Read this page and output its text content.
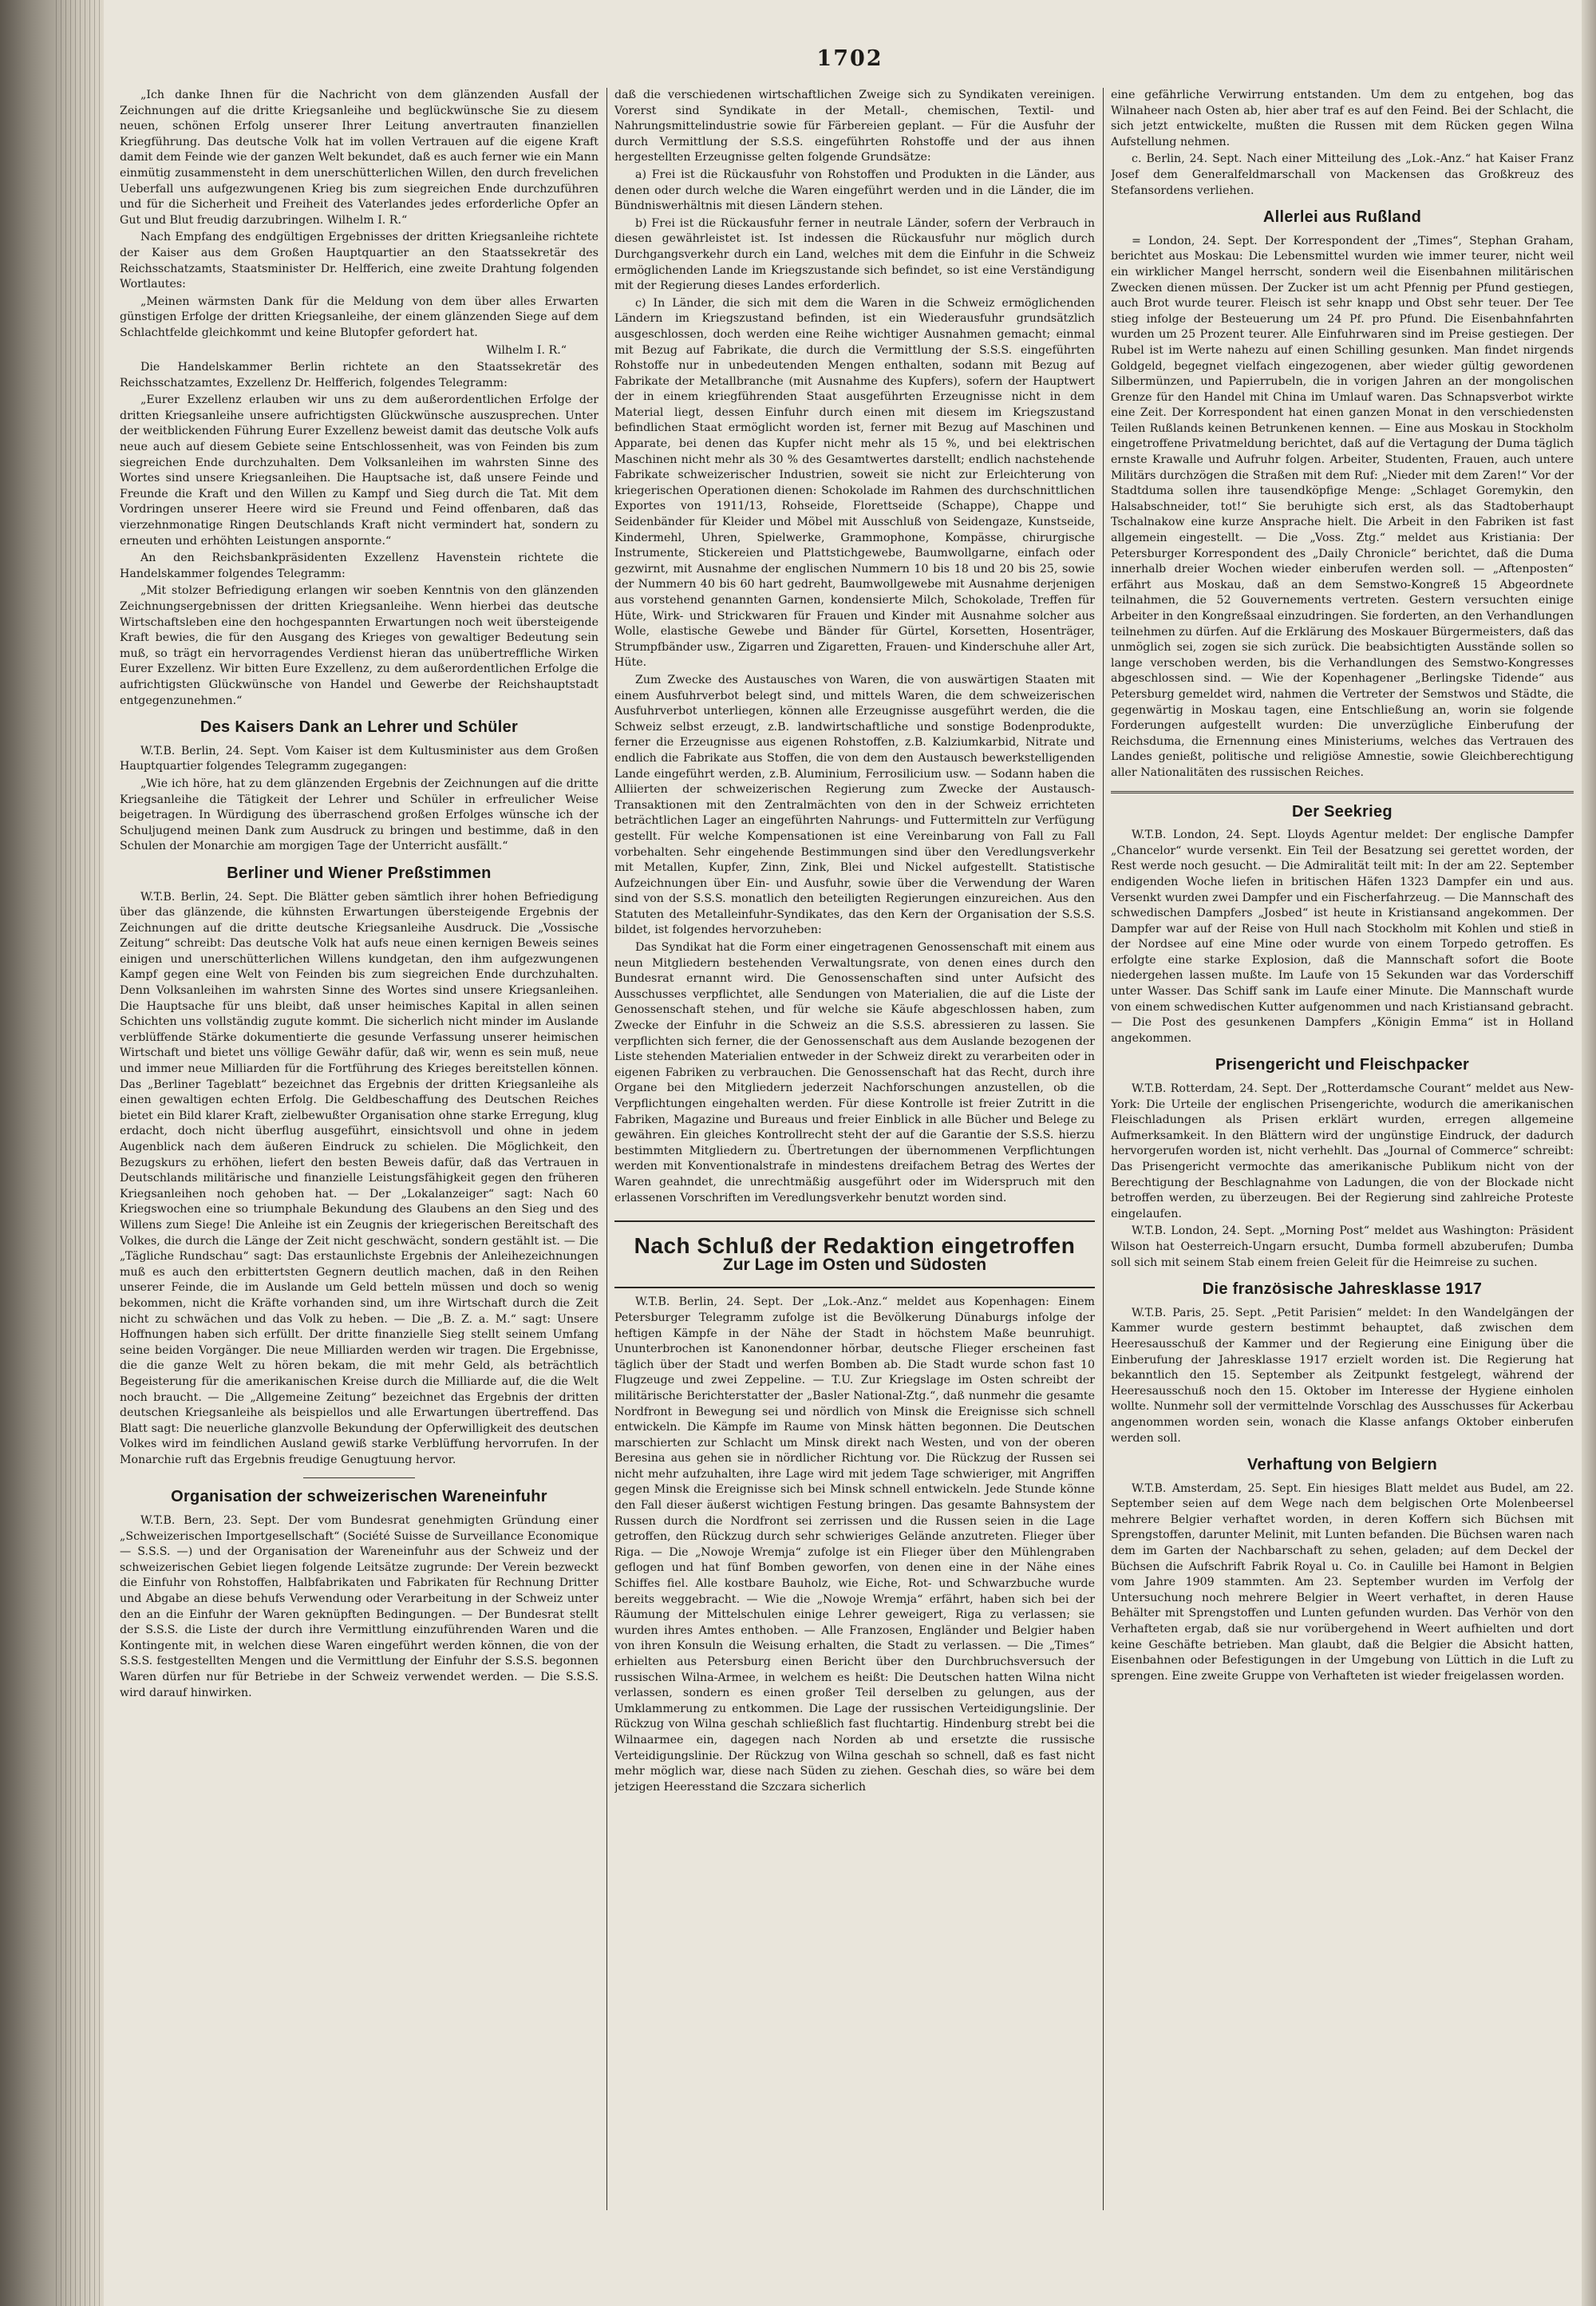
1702

„Ich danke Ihnen für die Nachricht von dem glänzenden Ausfall der Zeichnungen auf die dritte Kriegsanleihe und beglückwünsche Sie zu diesem neuen, schönen Erfolg unserer Ihrer Leitung anvertrauten finanziellen Kriegführung. Das deutsche Volk hat im vollen Vertrauen auf die eigene Kraft damit dem Feinde wie der ganzen Welt bekundet, daß es auch ferner wie ein Mann einmütig zusammensteht in dem unerschütterlichen Willen, den durch frevelichen Ueberfall uns aufgezwungenen Krieg bis zum siegreichen Ende durchzuführen und für die Sicherheit und Freiheit des Vaterlandes jedes erforderliche Opfer an Gut und Blut freudig darzubringen. Wilhelm I. R.“

Nach Empfang des endgültigen Ergebnisses der dritten Kriegsanleihe richtete der Kaiser aus dem Großen Hauptquartier an den Staatssekretär des Reichsschatzamts, Staatsminister Dr. Helfferich, eine zweite Drahtung folgenden Wortlautes:

„Meinen wärmsten Dank für die Meldung von dem über alles Erwarten günstigen Erfolge der dritten Kriegsanleihe, der einem glänzenden Siege auf dem Schlachtfelde gleichkommt und keine Blutopfer gefordert hat.

Wilhelm I. R.“

Die Handelskammer Berlin richtete an den Staatssekretär des Reichsschatzamtes, Exzellenz Dr. Helfferich, folgendes Telegramm:

„Eurer Exzellenz erlauben wir uns zu dem außerordentlichen Erfolge der dritten Kriegsanleihe unsere aufrichtigsten Glückwünsche auszusprechen. Unter der weitblickenden Führung Eurer Exzellenz beweist damit das deutsche Volk aufs neue auch auf diesem Gebiete seine Entschlossenheit, was von Feinden bis zum siegreichen Ende durchzuhalten. Dem Volksanleihen im wahrsten Sinne des Wortes sind unsere Kriegsanleihen. Die Hauptsache ist, daß unsere Feinde und Freunde die Kraft und den Willen zu Kampf und Sieg durch die Tat. Mit dem Vordringen unserer Heere wird sie Freund und Feind offenbaren, daß das vierzehnmonatige Ringen Deutschlands Kraft nicht vermindert hat, sondern zu erneuten und erhöhten Leistungen anspornte.“

An den Reichsbankpräsidenten Exzellenz Havenstein richtete die Handelskammer folgendes Telegramm:

„Mit stolzer Befriedigung erlangen wir soeben Kenntnis von den glänzenden Zeichnungsergebnissen der dritten Kriegsanleihe. Wenn hierbei das deutsche Wirtschaftsleben eine den hochgespannten Erwartungen noch weit übersteigende Kraft bewies, die für den Ausgang des Krieges von gewaltiger Bedeutung sein muß, so trägt ein hervorragendes Verdienst hieran das unübertreffliche Wirken Eurer Exzellenz. Wir bitten Eure Exzellenz, zu dem außerordentlichen Erfolge die aufrichtigsten Glückwünsche von Handel und Gewerbe der Reichshauptstadt entgegenzunehmen.“

Des Kaisers Dank an Lehrer und Schüler

W.T.B. Berlin, 24. Sept. Vom Kaiser ist dem Kultusminister aus dem Großen Hauptquartier folgendes Telegramm zugegangen:

„Wie ich höre, hat zu dem glänzenden Ergebnis der Zeichnungen auf die dritte Kriegsanleihe die Tätigkeit der Lehrer und Schüler in erfreulicher Weise beigetragen. In Würdigung des überraschend großen Erfolges wünsche ich der Schuljugend meinen Dank zum Ausdruck zu bringen und bestimme, daß in den Schulen der Monarchie am morgigen Tage der Unterricht ausfällt.“

Berliner und Wiener Preßstimmen

W.T.B. Berlin, 24. Sept. Die Blätter geben sämtlich ihrer hohen Befriedigung über das glänzende, die kühnsten Erwartungen übersteigende Ergebnis der Zeichnungen auf die dritte deutsche Kriegsanleihe Ausdruck. Die „Vossische Zeitung“ schreibt: Das deutsche Volk hat aufs neue einen kernigen Beweis seines einigen und unerschütterlichen Willens kundgetan, den ihm aufgezwungenen Kampf gegen eine Welt von Feinden bis zum siegreichen Ende durchzuhalten. Denn Volksanleihen im wahrsten Sinne des Wortes sind unsere Kriegsanleihen. Die Hauptsache für uns bleibt, daß unser heimisches Kapital in allen seinen Schichten uns vollständig zugute kommt. Die sicherlich nicht minder im Auslande verblüffende Stärke dokumentierte die gesunde Verfassung unserer heimischen Wirtschaft und bietet uns völlige Gewähr dafür, daß wir, wenn es sein muß, neue und immer neue Milliarden für die Fortführung des Krieges bereitstellen können. Das „Berliner Tageblatt“ bezeichnet das Ergebnis der dritten Kriegsanleihe als einen gewaltigen echten Erfolg. Die Geldbeschaffung des Deutschen Reiches bietet ein Bild klarer Kraft, zielbewußter Organisation ohne starke Erregung, klug erdacht, doch nicht überflug ausgeführt, einsichtsvoll und ohne in jedem Augenblick nach dem äußeren Eindruck zu schielen. Die Möglichkeit, den Bezugskurs zu erhöhen, liefert den besten Beweis dafür, daß das Vertrauen in Deutschlands militärische und finanzielle Leistungsfähigkeit gegen den früheren Kriegsanleihen noch gehoben hat. — Der „Lokalanzeiger“ sagt: Nach 60 Kriegswochen eine so triumphale Bekundung des Glaubens an den Sieg und des Willens zum Siege! Die Anleihe ist ein Zeugnis der kriegerischen Bereitschaft des Volkes, die durch die Länge der Zeit nicht geschwächt, sondern gestählt ist. — Die „Tägliche Rundschau“ sagt: Das erstaunlichste Ergebnis der Anleihezeichnungen muß es auch den erbittertsten Gegnern deutlich machen, daß in den Reihen unserer Feinde, die im Auslande um Geld betteln müssen und doch so wenig bekommen, nicht die Kräfte vorhanden sind, um ihre Wirtschaft durch die Zeit nicht zu schwächen und das Volk zu heben. — Die „B. Z. a. M.“ sagt: Unsere Hoffnungen haben sich erfüllt. Der dritte finanzielle Sieg stellt seinem Umfang seine beiden Vorgänger. Die neue Milliarden werden wir tragen. Die Ergebnisse, die die ganze Welt zu hören bekam, die mit mehr Geld, als beträchtlich Begeisterung für die amerikanischen Kreise durch die Milliarde auf, die die Welt noch braucht. — Die „Allgemeine Zeitung“ bezeichnet das Ergebnis der dritten deutschen Kriegsanleihe als beispiellos und alle Erwartungen übertreffend. Das Blatt sagt: Die neuerliche glanzvolle Bekundung der Opferwilligkeit des deutschen Volkes wird im feindlichen Ausland gewiß starke Verblüffung hervorrufen. In der Monarchie ruft das Ergebnis freudige Genugtuung hervor.

Organisation der schweizerischen Wareneinfuhr

W.T.B. Bern, 23. Sept. Der vom Bundesrat genehmigten Gründung einer „Schweizerischen Importgesellschaft“ (Société Suisse de Surveillance Economique — S.S.S. —) und der Organisation der Wareneinfuhr aus der Schweiz und der schweizerischen Gebiet liegen folgende Leitsätze zugrunde: Der Verein bezweckt die Einfuhr von Rohstoffen, Halbfabrikaten und Fabrikaten für Rechnung Dritter und Abgabe an diese behufs Verwendung oder Verarbeitung in der Schweiz unter den an die Einfuhr der Waren geknüpften Bedingungen. — Der Bundesrat stellt der S.S.S. die Liste der durch ihre Vermittlung einzuführenden Waren und die Kontingente mit, in welchen diese Waren eingeführt werden können, die von der S.S.S. festgestellten Mengen und die Vermittlung der Einfuhr der S.S.S. begonnen Waren dürfen nur für Betriebe in der Schweiz verwendet werden. — Die S.S.S. wird darauf hinwirken.

daß die verschiedenen wirtschaftlichen Zweige sich zu Syndikaten vereinigen. Vorerst sind Syndikate in der Metall-, chemischen, Textil- und Nahrungsmittelindustrie sowie für Färbereien geplant. — Für die Ausfuhr der durch Vermittlung der S.S.S. eingeführten Rohstoffe und der aus ihnen hergestellten Erzeugnisse gelten folgende Grundsätze:

a) Frei ist die Rückausfuhr von Rohstoffen und Produkten in die Länder, aus denen oder durch welche die Waren eingeführt werden und in die Länder, die im Bündniswerhältnis mit diesen Ländern stehen.

b) Frei ist die Rückausfuhr ferner in neutrale Länder, sofern der Verbrauch in diesen gewährleistet ist. Ist indessen die Rückausfuhr nur möglich durch Durchgangsverkehr durch ein Land, welches mit dem die Einfuhr in die Schweiz ermöglichenden Lande im Kriegszustande sich befindet, so ist eine Verständigung mit der Regierung dieses Landes erforderlich.

c) In Länder, die sich mit dem die Waren in die Schweiz ermöglichenden Ländern im Kriegszustand befinden, ist ein Wiederausfuhr grundsätzlich ausgeschlossen, doch werden eine Reihe wichtiger Ausnahmen gemacht; einmal mit Bezug auf Fabrikate, die durch die Vermittlung der S.S.S. eingeführten Rohstoffe nur in unbedeutenden Mengen enthalten, sodann mit Bezug auf Fabrikate der Metallbranche (mit Ausnahme des Kupfers), sofern der Hauptwert der in einem kriegführenden Staat ausgeführten Erzeugnisse nicht in dem Material liegt, dessen Einfuhr durch einen mit diesem im Kriegszustand befindlichen Staat ermöglicht worden ist, ferner mit Bezug auf Maschinen und Apparate, bei denen das Kupfer nicht mehr als 15 %, und bei elektrischen Maschinen nicht mehr als 30 % des Gesamtwertes darstellt; endlich nachstehende Fabrikate schweizerischer Industrien, soweit sie nicht zur Erleichterung von kriegerischen Operationen dienen: Schokolade im Rahmen des durchschnittlichen Exportes von 1911/13, Rohseide, Florettseide (Schappe), Chappe und Seidenbänder für Kleider und Möbel mit Ausschluß von Seidengaze, Kunstseide, Kindermehl, Uhren, Spielwerke, Grammophone, Kompässe, chirurgische Instrumente, Stickereien und Plattstichgewebe, Baumwollgarne, einfach oder gezwirnt, mit Ausnahme der englischen Nummern 10 bis 18 und 20 bis 25, sowie der Nummern 40 bis 60 hart gedreht, Baumwollgewebe mit Ausnahme derjenigen aus vorstehend genannten Garnen, kondensierte Milch, Schokolade, Treffen für Hüte, Wirk- und Strickwaren für Frauen und Kinder mit Ausnahme solcher aus Wolle, elastische Gewebe und Bänder für Gürtel, Korsetten, Hosenträger, Strumpfbänder usw., Zigarren und Zigaretten, Frauen- und Kinderschuhe aller Art, Hüte.

Zum Zwecke des Austausches von Waren, die von auswärtigen Staaten mit einem Ausfuhrverbot belegt sind, und mittels Waren, die dem schweizerischen Ausfuhrverbot unterliegen, können alle Erzeugnisse ausgeführt werden, die die Schweiz selbst erzeugt, z.B. landwirtschaftliche und sonstige Bodenprodukte, ferner die Erzeugnisse aus eigenen Rohstoffen, z.B. Kalziumkarbid, Nitrate und endlich die Fabrikate aus Stoffen, die von dem den Austausch bewerkstelligenden Lande eingeführt werden, z.B. Aluminium, Ferrosilicium usw. — Sodann haben die Alliierten der schweizerischen Regierung zum Zwecke der Austausch-Transaktionen mit den Zentralmächten von den in der Schweiz errichteten beträchtlichen Lager an eingeführten Nahrungs- und Futtermitteln zur Verfügung gestellt. Für welche Kompensationen ist eine Vereinbarung von Fall zu Fall vorbehalten. Sehr eingehende Bestimmungen sind über den Veredlungsverkehr mit Metallen, Kupfer, Zinn, Zink, Blei und Nickel aufgestellt. Statistische Aufzeichnungen über Ein- und Ausfuhr, sowie über die Verwendung der Waren sind von der S.S.S. monatlich den beteiligten Regierungen einzureichen. Aus den Statuten des Metalleinfuhr-Syndikates, das den Kern der Organisation der S.S.S. bildet, ist folgendes hervorzuheben:

Das Syndikat hat die Form einer eingetragenen Genossenschaft mit einem aus neun Mitgliedern bestehenden Verwaltungsrate, von denen eines durch den Bundesrat ernannt wird. Die Genossenschaften sind unter Aufsicht des Ausschusses verpflichtet, alle Sendungen von Materialien, die auf die Liste der Genossenschaft stehen, und für welche sie Käufe abgeschlossen haben, zum Zwecke der Einfuhr in die Schweiz an die S.S.S. abressieren zu lassen. Sie verpflichten sich ferner, die der Genossenschaft aus dem Auslande bezogenen der Liste stehenden Materialien entweder in der Schweiz direkt zu verarbeiten oder in eigenen Fabriken zu verbrauchen. Die Genossenschaft hat das Recht, durch ihre Organe bei den Mitgliedern jederzeit Nachforschungen anzustellen, ob die Verpflichtungen eingehalten werden. Für diese Kontrolle ist freier Zutritt in die Fabriken, Magazine und Bureaus und freier Einblick in alle Bücher und Belege zu gewähren. Ein gleiches Kontrollrecht steht der auf die Garantie der S.S.S. hierzu bestimmten Mitgliedern zu. Übertretungen der übernommenen Verpflichtungen werden mit Konventionalstrafe in mindestens dreifachem Betrag des Wertes der Waren geahndet, die unrechtmäßig ausgeführt oder im Widerspruch mit den erlassenen Vorschriften im Veredlungsverkehr benutzt worden sind.

Nach Schluß der Redaktion eingetroffen
Zur Lage im Osten und Südosten

W.T.B. Berlin, 24. Sept. Der „Lok.-Anz.“ meldet aus Kopenhagen: Einem Petersburger Telegramm zufolge ist die Bevölkerung Dünaburgs infolge der heftigen Kämpfe in der Nähe der Stadt in höchstem Maße beunruhigt. Ununterbrochen ist Kanonendonner hörbar, deutsche Flieger erscheinen fast täglich über der Stadt und werfen Bomben ab. Die Stadt wurde schon fast 10 Flugzeuge und zwei Zeppeline. — T.U. Zur Kriegslage im Osten schreibt der militärische Berichterstatter der „Basler National-Ztg.“, daß nunmehr die gesamte Nordfront in Bewegung sei und nördlich von Minsk die Ereignisse sich schnell entwickeln. Die Kämpfe im Raume von Minsk hätten begonnen. Die Deutschen marschierten zur Schlacht um Minsk direkt nach Westen, und von der oberen Beresina aus gehen sie in nördlicher Richtung vor. Die Rückzug der Russen sei nicht mehr aufzuhalten, ihre Lage wird mit jedem Tage schwieriger, mit Angriffen gegen Minsk die Ereignisse sich bei Minsk schnell entwickeln. Jede Stunde könne den Fall dieser äußerst wichtigen Festung bringen. Das gesamte Bahnsystem der Russen durch die Nordfront sei zerrissen und die Russen seien in die Lage getroffen, den Rückzug durch sehr schwieriges Gelände anzutreten. Flieger über Riga. — Die „Nowoje Wremja“ zufolge ist ein Flieger über den Mühlengraben geflogen und hat fünf Bomben geworfen, von denen eine in der Nähe eines Schiffes fiel. Alle kostbare Bauholz, wie Eiche, Rot- und Schwarzbuche wurde bereits weggebracht. — Wie die „Nowoje Wremja“ erfährt, haben sich bei der Räumung der Mittelschulen einige Lehrer geweigert, Riga zu verlassen; sie wurden ihres Amtes enthoben. — Alle Franzosen, Engländer und Belgier haben von ihren Konsuln die Weisung erhalten, die Stadt zu verlassen. — Die „Times“ erhielten aus Petersburg einen Bericht über den Durchbruchsversuch der russischen Wilna-Armee, in welchem es heißt: Die Deutschen hatten Wilna nicht verlassen, sondern es einen großer Teil derselben zu gelungen, aus der Umklammerung zu entkommen. Die Lage der russischen Verteidigungslinie. Der Rückzug von Wilna geschah schließlich fast fluchtartig. Hindenburg strebt bei die Wilnaarmee ein, dagegen nach Norden ab und ersetzte die russische Verteidigungslinie. Der Rückzug von Wilna geschah so schnell, daß es fast nicht mehr möglich war, diese nach Süden zu ziehen. Geschah dies, so wäre bei dem jetzigen Heeresstand die Szczara sicherlich

eine gefährliche Verwirrung entstanden. Um dem zu entgehen, bog das Wilnaheer nach Osten ab, hier aber traf es auf den Feind. Bei der Schlacht, die sich jetzt entwickelte, mußten die Russen mit dem Rücken gegen Wilna Aufstellung nehmen.

c. Berlin, 24. Sept. Nach einer Mitteilung des „Lok.-Anz.“ hat Kaiser Franz Josef dem Generalfeldmarschall von Mackensen das Großkreuz des Stefansordens verliehen.

Allerlei aus Rußland

= London, 24. Sept. Der Korrespondent der „Times“, Stephan Graham, berichtet aus Moskau: Die Lebensmittel wurden wie immer teurer, nicht weil ein wirklicher Mangel herrscht, sondern weil die Eisenbahnen militärischen Zwecken dienen müssen. Der Zucker ist um acht Pfennig per Pfund gestiegen, auch Brot wurde teurer. Fleisch ist sehr knapp und Obst sehr teuer. Der Tee stieg infolge der Besteuerung um 24 Pf. pro Pfund. Die Eisenbahnfahrten wurden um 25 Prozent teurer. Alle Einfuhrwaren sind im Preise gestiegen. Der Rubel ist im Werte nahezu auf einen Schilling gesunken. Man findet nirgends Goldgeld, begegnet vielfach eingezogenen, aber wieder gültig gewordenen Silbermünzen, und Papierrubeln, die in vorigen Jahren an der mongolischen Grenze für den Handel mit China im Umlauf waren. Das Schnapsverbot wirkte eine Zeit. Der Korrespondent hat einen ganzen Monat in den verschiedensten Teilen Rußlands keinen Betrunkenen kennen. — Eine aus Moskau in Stockholm eingetroffene Privatmeldung berichtet, daß auf die Vertagung der Duma täglich ernste Krawalle und Aufruhr folgen. Arbeiter, Studenten, Frauen, auch untere Militärs durchzögen die Straßen mit dem Ruf: „Nieder mit dem Zaren!“ Vor der Stadtduma sollen ihre tausendköpfige Menge: „Schlaget Goremykin, den Halsabschneider, tot!“ Sie beruhigte sich erst, als das Stadtoberhaupt Tschalnakow eine kurze Ansprache hielt. Die Arbeit in den Fabriken ist fast allgemein eingestellt. — Die „Voss. Ztg.“ meldet aus Kristiania: Der Petersburger Korrespondent des „Daily Chronicle“ berichtet, daß die Duma innerhalb dreier Wochen wieder einberufen werden soll. — „Aftenposten“ erfährt aus Moskau, daß an dem Semstwo-Kongreß 15 Abgeordnete teilnahmen, die 52 Gouvernements vertreten. Gestern versuchten einige Arbeiter in den Kongreßsaal einzudringen. Sie forderten, an den Verhandlungen teilnehmen zu dürfen. Auf die Erklärung des Moskauer Bürgermeisters, daß das unmöglich sei, zogen sie sich zurück. Die beabsichtigten Ausstände sollen so lange verschoben werden, bis die Verhandlungen des Semstwo-Kongresses abgeschlossen sind. — Wie der Kopenhagener „Berlingske Tidende“ aus Petersburg gemeldet wird, nahmen die Vertreter der Semstwos und Städte, die gegenwärtig in Moskau tagen, eine Entschließung an, worin sie folgende Forderungen aufgestellt wurden: Die unverzügliche Einberufung der Reichsduma, die Ernennung eines Ministeriums, welches das Vertrauen des Landes genießt, politische und religiöse Amnestie, sowie Gleichberechtigung aller Nationalitäten des russischen Reiches.

Der Seekrieg

W.T.B. London, 24. Sept. Lloyds Agentur meldet: Der englische Dampfer „Chancelor“ wurde versenkt. Ein Teil der Besatzung sei gerettet worden, der Rest werde noch gesucht. — Die Admiralität teilt mit: In der am 22. September endigenden Woche liefen in britischen Häfen 1323 Dampfer ein und aus. Versenkt wurden zwei Dampfer und ein Fischerfahrzeug. — Die Mannschaft des schwedischen Dampfers „Josbed“ ist heute in Kristiansand angekommen. Der Dampfer war auf der Reise von Hull nach Stockholm mit Kohlen und stieß in der Nordsee auf eine Mine oder wurde von einem Torpedo getroffen. Es erfolgte eine starke Explosion, daß die Mannschaft sofort die Boote niedergehen lassen mußte. Im Laufe von 15 Sekunden war das Vorderschiff unter Wasser. Das Schiff sank im Laufe einer Minute. Die Mannschaft wurde von einem schwedischen Kutter aufgenommen und nach Kristiansand gebracht. — Die Post des gesunkenen Dampfers „Königin Emma“ ist in Holland angekommen.

Prisengericht und Fleischpacker

W.T.B. Rotterdam, 24. Sept. Der „Rotterdamsche Courant“ meldet aus New-York: Die Urteile der englischen Prisengerichte, wodurch die amerikanischen Fleischladungen als Prisen erklärt wurden, erregen allgemeine Aufmerksamkeit. In den Blättern wird der ungünstige Eindruck, der dadurch hervorgerufen worden ist, nicht verhehlt. Das „Journal of Commerce“ schreibt: Das Prisengericht vermochte das amerikanische Publikum nicht von der Berechtigung der Beschlagnahme von Ladungen, die von der Blockade nicht betroffen werden, zu überzeugen. Bei der Regierung sind zahlreiche Proteste eingelaufen.

W.T.B. London, 24. Sept. „Morning Post“ meldet aus Washington: Präsident Wilson hat Oesterreich-Ungarn ersucht, Dumba formell abzuberufen; Dumba soll sich mit seinem Stab einem freien Geleit für die Heimreise zu suchen.

Die französische Jahresklasse 1917

W.T.B. Paris, 25. Sept. „Petit Parisien“ meldet: In den Wandelgängen der Kammer wurde gestern bestimmt behauptet, daß zwischen dem Heeresausschuß der Kammer und der Regierung eine Einigung über die Einberufung der Jahresklasse 1917 erzielt worden ist. Die Regierung hat bekanntlich den 15. September als Zeitpunkt festgelegt, während der Heeresausschuß noch den 15. Oktober im Interesse der Hygiene einholen wollte. Nunmehr soll der vermittelnde Vorschlag des Ausschusses für Ackerbau angenommen worden sein, wonach die Klasse anfangs Oktober einberufen werden soll.

Verhaftung von Belgiern

W.T.B. Amsterdam, 25. Sept. Ein hiesiges Blatt meldet aus Budel, am 22. September seien auf dem Wege nach dem belgischen Orte Molenbeersel mehrere Belgier verhaftet worden, in deren Koffern sich Büchsen mit Sprengstoffen, darunter Melinit, mit Lunten befanden. Die Büchsen waren nach dem im Garten der Nachbarschaft zu sehen, geladen; auf dem Deckel der Büchsen die Aufschrift Fabrik Royal u. Co. in Caulille bei Hamont in Belgien vom Jahre 1909 stammten. Am 23. September wurden im Verfolg der Untersuchung noch mehrere Belgier in Weert verhaftet, in deren Hause Behälter mit Sprengstoffen und Lunten gefunden wurden. Das Verhör von den Verhafteten ergab, daß sie nur vorübergehend in Weert aufhielten und dort keine Geschäfte betrieben. Man glaubt, daß die Belgier die Absicht hatten, Eisenbahnen oder Befestigungen in der Umgebung von Lüttich in die Luft zu sprengen. Eine zweite Gruppe von Verhafteten ist wieder freigelassen worden.
